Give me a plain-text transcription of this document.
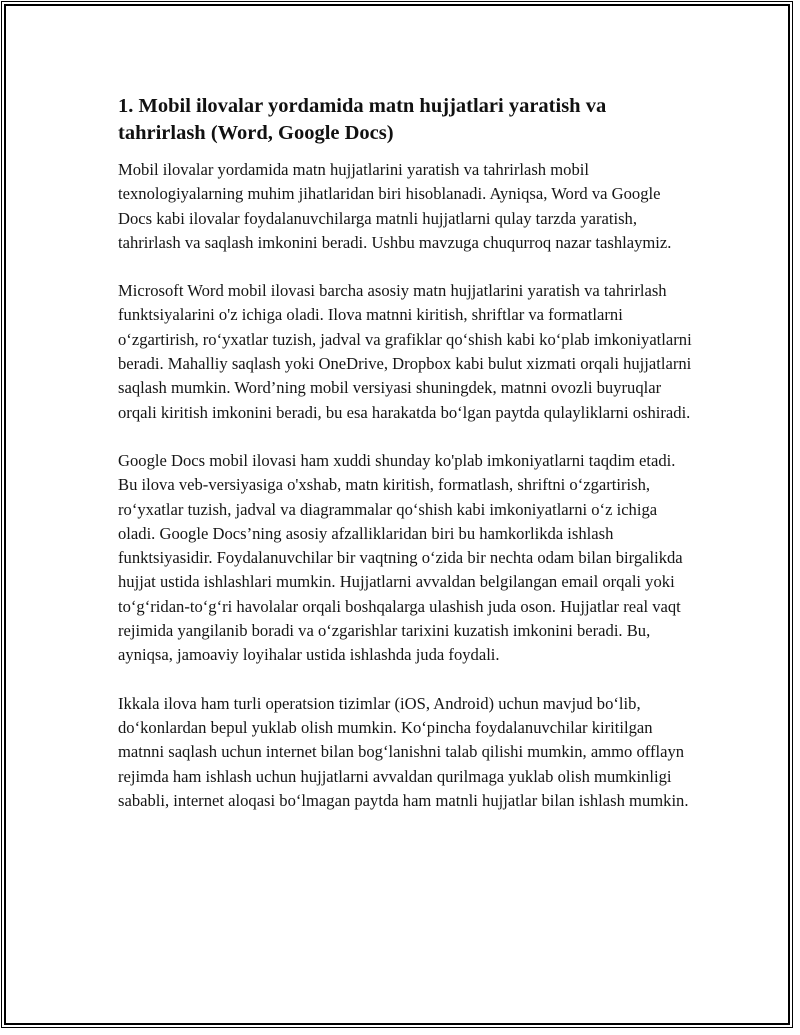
1. Mobil ilovalar yordamida matn hujjatlari yaratish va tahrirlash (Word, Google Docs)

Mobil ilovalar yordamida matn hujjatlarini yaratish va tahrirlash mobil texnologiyalarning muhim jihatlaridan biri hisoblanadi. Ayniqsa, Word va Google Docs kabi ilovalar foydalanuvchilarga matnli hujjatlarni qulay tarzda yaratish, tahrirlash va saqlash imkonini beradi. Ushbu mavzuga chuqurroq nazar tashlaymiz.

Microsoft Word mobil ilovasi barcha asosiy matn hujjatlarini yaratish va tahrirlash funktsiyalarini o'z ichiga oladi. Ilova matnni kiritish, shriftlar va formatlarni oʻzgartirish, roʻyxatlar tuzish, jadval va grafiklar qoʻshish kabi koʻplab imkoniyatlarni beradi. Mahalliy saqlash yoki OneDrive, Dropbox kabi bulut xizmati orqali hujjatlarni saqlash mumkin. Word’ning mobil versiyasi shuningdek, matnni ovozli buyruqlar orqali kiritish imkonini beradi, bu esa harakatda boʻlgan paytda qulayliklarni oshiradi.

Google Docs mobil ilovasi ham xuddi shunday ko'plab imkoniyatlarni taqdim etadi. Bu ilova veb-versiyasiga o'xshab, matn kiritish, formatlash, shriftni oʻzgartirish, roʻyxatlar tuzish, jadval va diagrammalar qoʻshish kabi imkoniyatlarni oʻz ichiga oladi. Google Docs’ning asosiy afzalliklaridan biri bu hamkorlikda ishlash funktsiyasidir. Foydalanuvchilar bir vaqtning oʻzida bir nechta odam bilan birgalikda hujjat ustida ishlashlari mumkin. Hujjatlarni avvaldan belgilangan email orqali yoki toʻgʻridan-toʻgʻri havolalar orqali boshqalarga ulashish juda oson. Hujjatlar real vaqt rejimida yangilanib boradi va oʻzgarishlar tarixini kuzatish imkonini beradi. Bu, ayniqsa, jamoaviy loyihalar ustida ishlashda juda foydali.

Ikkala ilova ham turli operatsion tizimlar (iOS, Android) uchun mavjud boʻlib, doʻkonlardan bepul yuklab olish mumkin. Koʻpincha foydalanuvchilar kiritilgan matnni saqlash uchun internet bilan bogʻlanishni talab qilishi mumkin, ammo offlayn rejimda ham ishlash uchun hujjatlarni avvaldan qurilmaga yuklab olish mumkinligi sababli, internet aloqasi boʻlmagan paytda ham matnli hujjatlar bilan ishlash mumkin.
